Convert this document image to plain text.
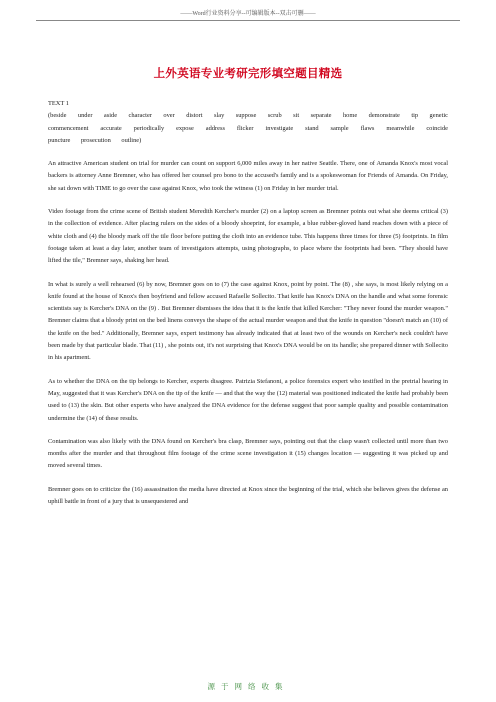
——Word行业资料分享--可编辑版本--双击可删——
上外英语专业考研完形填空题目精选

TEXT 1

(beside under aside character over distort slay suppose scrub sit separate home demonstrate tip genetic commencement accurate periodically expose address flicker investigate stand sample flaws meanwhile coincide puncture prosecution outline)

An attractive American student on trial for murder can count on support 6,000 miles away in her native Seattle. There, one of Amanda Knox's most vocal backers is attorney Anne Bremner, who has offered her counsel pro bono to the accused's family and is a spokeswoman for Friends of Amanda. On Friday, she sat down with TIME to go over the case against Knox, who took the witness (1) on Friday in her murder trial.

Video footage from the crime scene of British student Meredith Kercher's murder (2) on a laptop screen as Bremner points out what she deems critical (3) in the collection of evidence. After placing rulers on the sides of a bloody shoeprint, for example, a blue rubber-gloved hand reaches down with a piece of white cloth and (4) the bloody mark off the tile floor before putting the cloth into an evidence tube. This happens three times for three (5) footprints. In film footage taken at least a day later, another team of investigators attempts, using photographs, to place where the footprints had been. "They should have lifted the tile," Bremner says, shaking her head.

In what is surely a well rehearsed (6) by now, Bremner goes on to (7) the case against Knox, point by point. The (8) , she says, is most likely relying on a knife found at the house of Knox's then boyfriend and fellow accused Rafaelle Sollecito. That knife has Knox's DNA on the handle and what some forensic scientists say is Kercher's DNA on the (9) . But Bremner dismisses the idea that it is the knife that killed Kercher: "They never found the murder weapon." Bremner claims that a bloody print on the bed linens conveys the shape of the actual murder weapon and that the knife in question "doesn't match an (10) of the knife on the bed." Additionally, Bremner says, expert testimony has already indicated that at least two of the wounds on Kercher's neck couldn't have been made by that particular blade. That (11) , she points out, it's not surprising that Knox's DNA would be on its handle; she prepared dinner with Sollecito in his apartment.

As to whether the DNA on the tip belongs to Kercher, experts disagree. Patrizia Stefanoni, a police forensics expert who testified in the pretrial hearing in May, suggested that it was Kercher's DNA on the tip of the knife — and that the way the (12) material was positioned indicated the knife had probably been used to (13) the skin. But other experts who have analyzed the DNA evidence for the defense suggest that poor sample quality and possible contamination undermine the (14) of these results.

Contamination was also likely with the DNA found on Kercher's bra clasp, Bremner says, pointing out that the clasp wasn't collected until more than two months after the murder and that throughout film footage of the crime scene investigation it (15) changes location — suggesting it was picked up and moved several times.

Bremner goes on to criticize the (16) assassination the media have directed at Knox since the beginning of the trial, which she believes gives the defense an uphill battle in front of a jury that is unsequestered and

源于网络收集
